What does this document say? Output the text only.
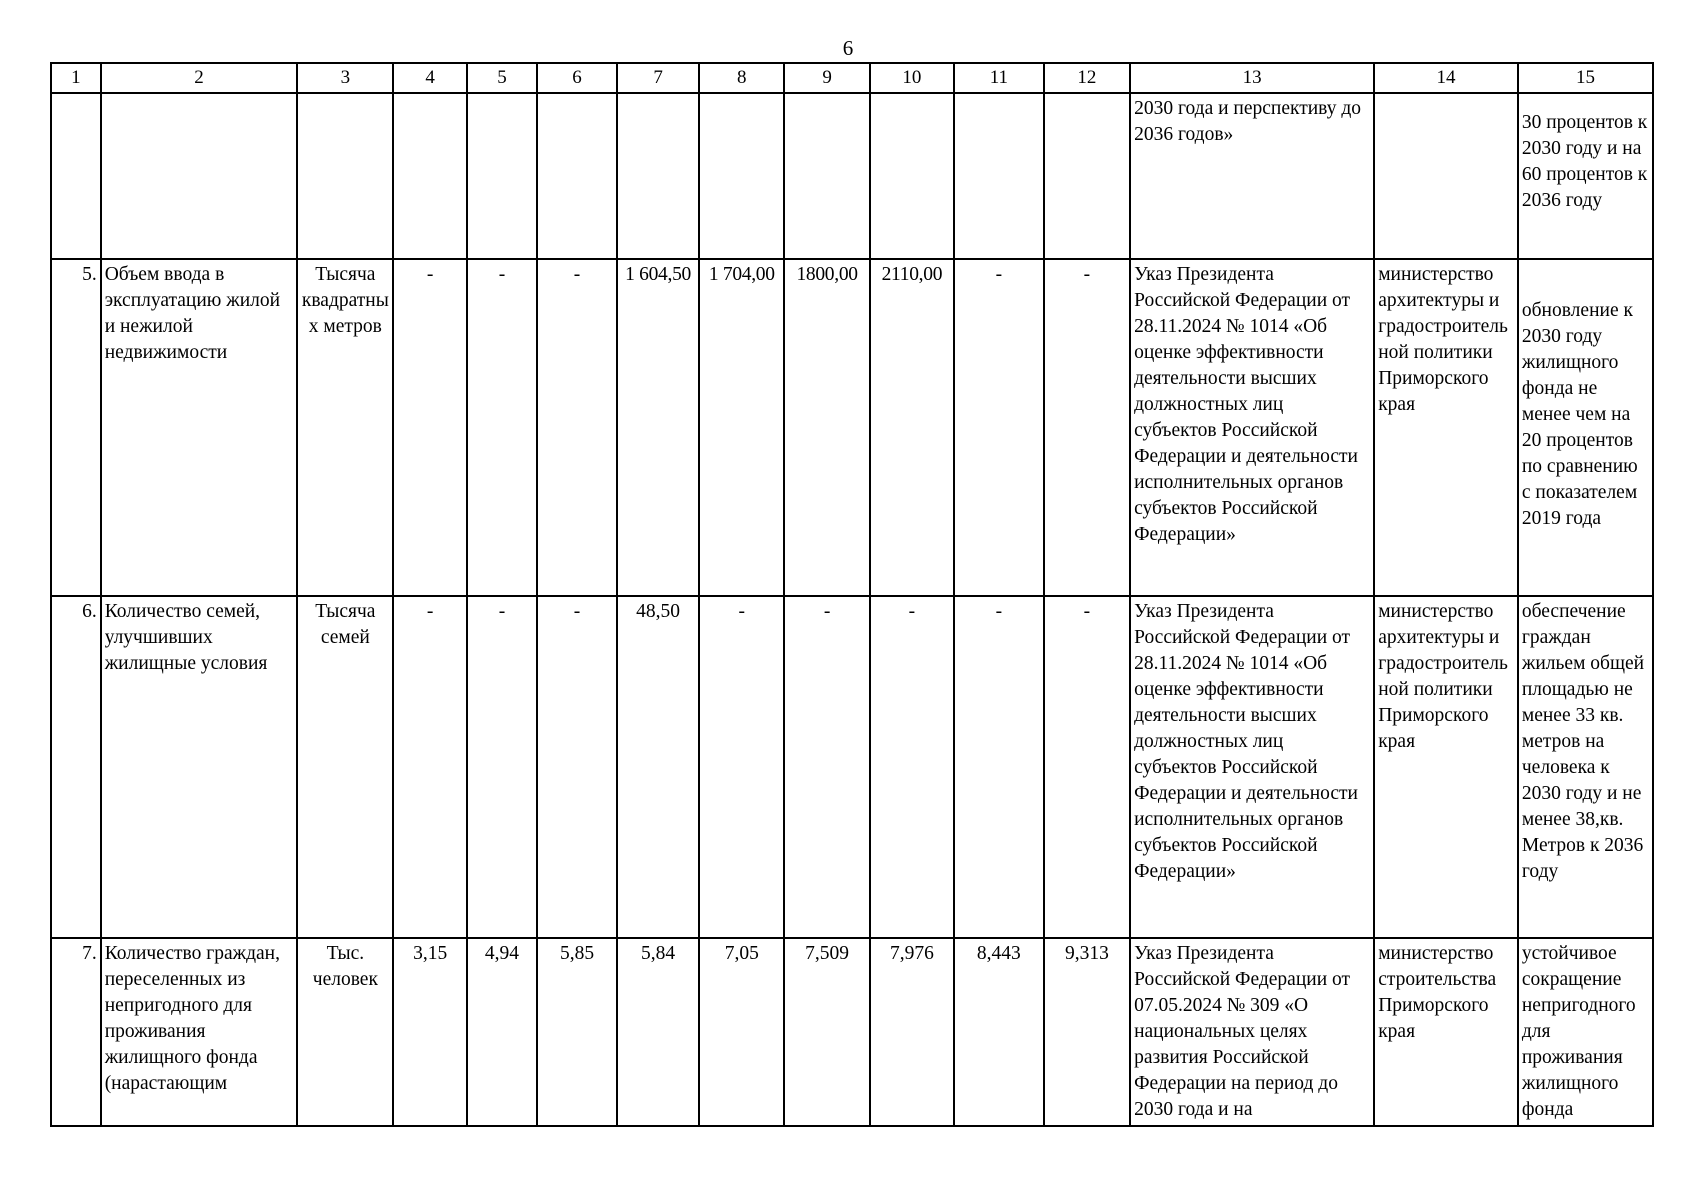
6
1	2	3	4	5	6	7	8	9	10	11	12	13	14	15
												2030 года и перспективу до 2036 годов»		30 процентов к 2030 году и на 60 процентов к 2036 году

5.	Объем ввода в эксплуатацию жилой и нежилой недвижимости	Тысяча квадратных метров	-	-	-	1 604,50	1 704,00	1800,00	2110,00	-	-	Указ Президента Российской Федерации от 28.11.2024 № 1014 «Об оценке эффективности деятельности высших должностных лиц субъектов Российской Федерации и деятельности исполнительных органов субъектов Российской Федерации»	министерство архитектуры и градостроительной политики Приморского края	обновление к 2030 году жилищного фонда не менее чем на 20 процентов по сравнению с показателем 2019 года

6.	Количество семей, улучшивших жилищные условия	Тысяча семей	-	-	-	48,50	-	-	-	-	-	Указ Президента Российской Федерации от 28.11.2024 № 1014 «Об оценке эффективности деятельности высших должностных лиц субъектов Российской Федерации и деятельности исполнительных органов субъектов Российской Федерации»	министерство архитектуры и градостроительной политики Приморского края	обеспечение граждан жильем общей площадью не менее 33 кв. метров на человека к 2030 году и не менее 38,кв. Метров к 2036 году
7.	Количество граждан, переселенных из непригодного для проживания жилищного фонда (нарастающим	Тыс. человек	3,15	4,94	5,85	5,84	7,05	7,509	7,976	8,443	9,313	Указ Президента Российской Федерации от 07.05.2024 № 309 «О национальных целях развития Российской Федерации на период до 2030 года и на	министерство строительства Приморского края	устойчивое сокращение непригодного для проживания жилищного фонда
